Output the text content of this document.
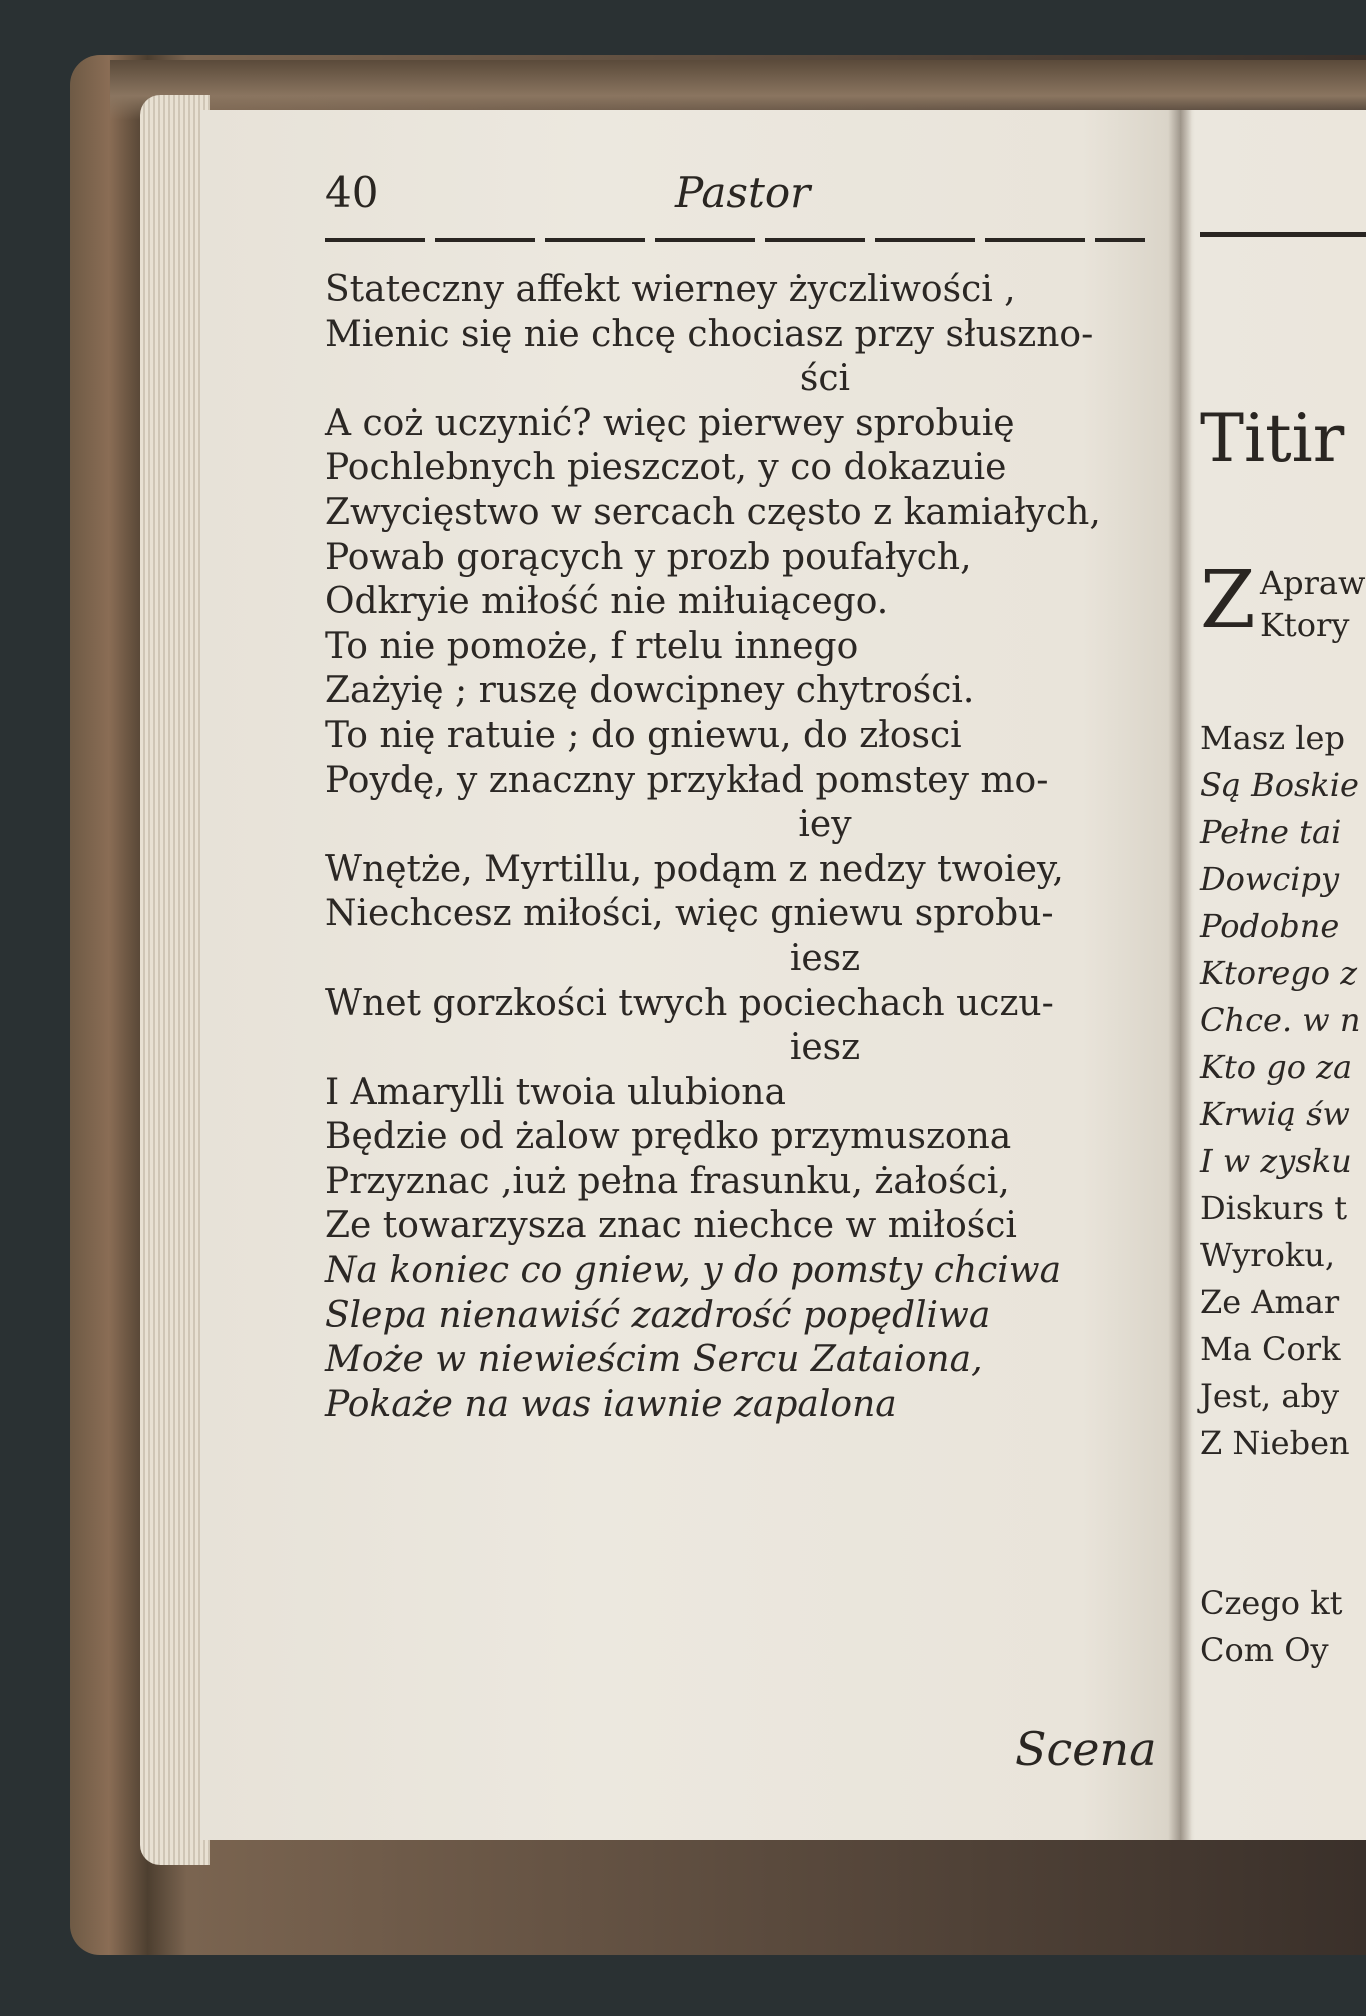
40	Pastor
Stateczny affekt wierney życzliwości ,
Mienic się nie chcę chociasz przy słuszno-
ści
A coż uczynić? więc pierwey sprobuię
Pochlebnych pieszczot, y co dokazuie
Zwycięstwo w sercach często z kamiałych,
Powab gorących y prozb poufałych,
Odkryie miłość nie miłuiącego.
To nie pomoże, f rtelu innego
Zażyię ; ruszę dowcipney chytrości.
To nię ratuie ; do gniewu, do złosci
Poydę, y znaczny przykład pomstey mo-
iey
Wnętże, Myrtillu, podąm z nedzy twoiey,
Niechcesz miłości, więc gniewu sprobu-
iesz
Wnet gorzkości twych pociechach uczu-
iesz
I Amarylli twoia ulubiona
Będzie od żalow prędko przymuszona
Przyznac ,iuż pełna frasunku, żałości,
Ze towarzysza znac niechce w miłości
Na koniec co gniew, y do pomsty chciwa
Slepa nienawiść zazdrość popędliwa
Może w niewieścim Sercu Zataiona,
Pokaże na was iawnie zapalona
Scena
Titir
Z Apraw
Ktory
Masz lep
Są Boskie
Pełne tai
Dowcipy
Podobne
Ktorego z
Chce. w n
Kto go za
Krwią św
I w zysku
Diskurs t
Wyroku,
Ze Amar
Ma Cork
Jest, aby
Z Nieben
Czego kt
Com Oy
